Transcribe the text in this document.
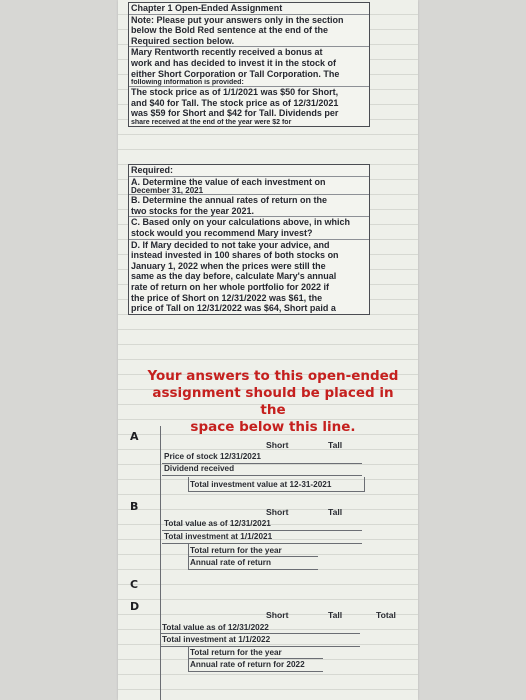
Chapter 1 Open-Ended Assignment
Note: Please put your answers only in the section
below the Bold Red sentence at the end of the
Required section below.
Mary Rentworth recently received a bonus at
work and has decided to invest it in the stock of
either Short Corporation or Tall Corporation. The
following information is provided:
The stock price as of 1/1/2021 was $50 for Short,
and $40 for Tall. The stock price as of 12/31/2021
was $59 for Short and $42 for Tall. Dividends per
share received at the end of the year were $2 for
Required:
A. Determine the value of each investment on
December 31, 2021
B. Determine the annual rates of return on the
two stocks for the year 2021.
C. Based only on your calculations above, in which
stock would you recommend Mary invest?
D. If Mary decided to not take your advice, and
instead invested in 100 shares of both stocks on
January 1, 2022 when the prices were still the
same as the day before, calculate Mary's annual
rate of return on her whole portfolio for 2022 if
the price of Short on 12/31/2022 was $61, the
price of Tall on 12/31/2022 was $64, Short paid a
Your answers to this open-ended
assignment should be placed in the
space below this line.
A
B
C
D
Short	Tall
Price of stock 12/31/2021
Dividend received
Total investment value at 12-31-2021
Short	Tall
Total value as of 12/31/2021
Total investment at 1/1/2021
Total return for the year
Annual rate of return
Short	Tall	Total
Total value as of 12/31/2022
Total investment at 1/1/2022
Total return for the year
Annual rate of return for 2022
